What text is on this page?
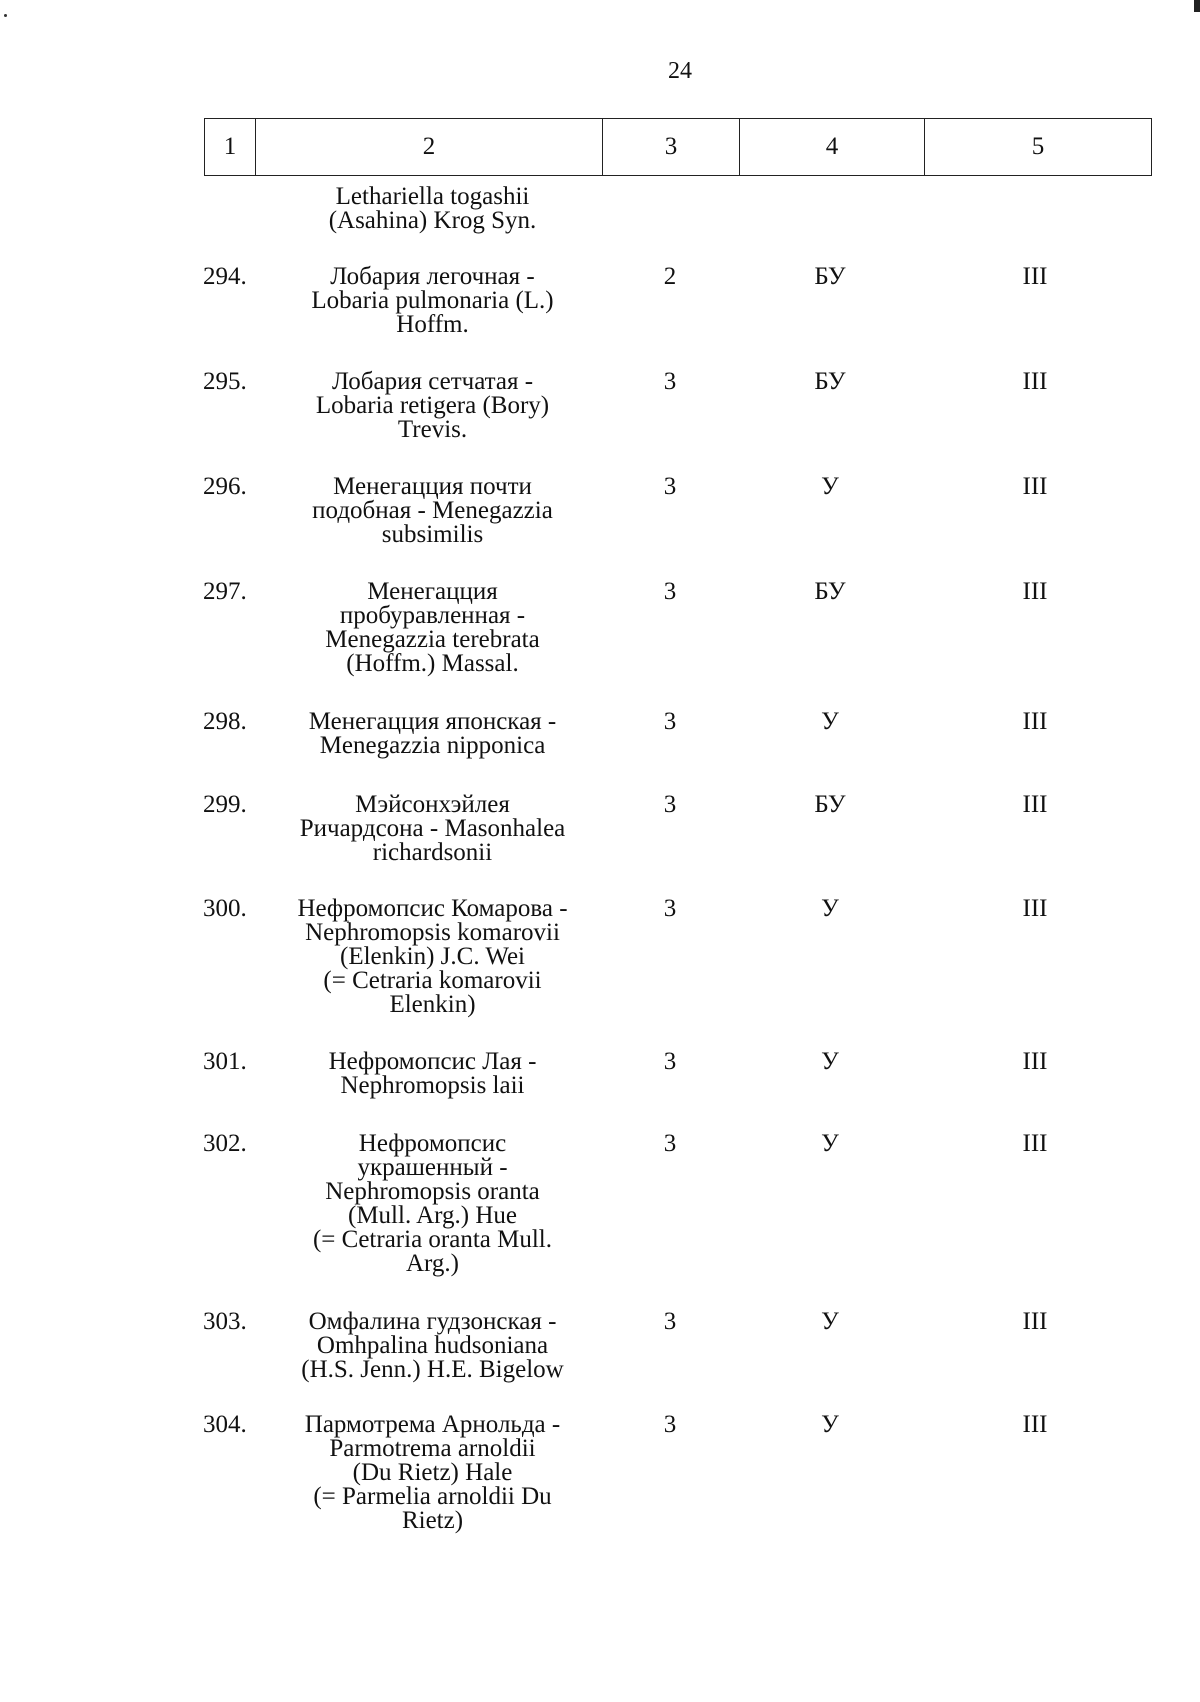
24
1	2	3	4	5
Lethariella togashii
(Asahina) Krog Syn.
294.	Лобария легочная -
Lobaria pulmonaria (L.)
Hoffm.
2	БУ	III
295.	Лобария сетчатая -
Lobaria retigera (Bory)
Trevis.
3	БУ	III
296.	Менегацция почти
подобная - Menegazzia
subsimilis
3	У	III
297.	Менегацция
пробуравленная -
Menegazzia terebrata
(Hoffm.) Massal.
3	БУ	III
298.	Менегацция японская -
Menegazzia nipponica
3	У	III
299.	Мэйсонхэйлея
Ричардсона - Masonhalea
richardsonii
3	БУ	III
300.	Нефромопсис Комарова -
Nephromopsis komarovii
(Elenkin) J.C. Wei
(= Cetraria komarovii
Elenkin)
3	У	III
301.	Нефромопсис Лая -
Nephromopsis laii
3	У	III
302.	Нефромопсис
украшенный -
Nephromopsis oranta
(Mull. Arg.) Hue
(= Cetraria oranta Mull.
Arg.)
3	У	III
303.	Омфалина гудзонская -
Omhpalina hudsoniana
(H.S. Jenn.) H.E. Bigelow
3	У	III
304.	Пармотрема Арнольда -
Parmotrema arnoldii
(Du Rietz) Hale
(= Parmelia arnoldii Du
Rietz)
3	У	III
